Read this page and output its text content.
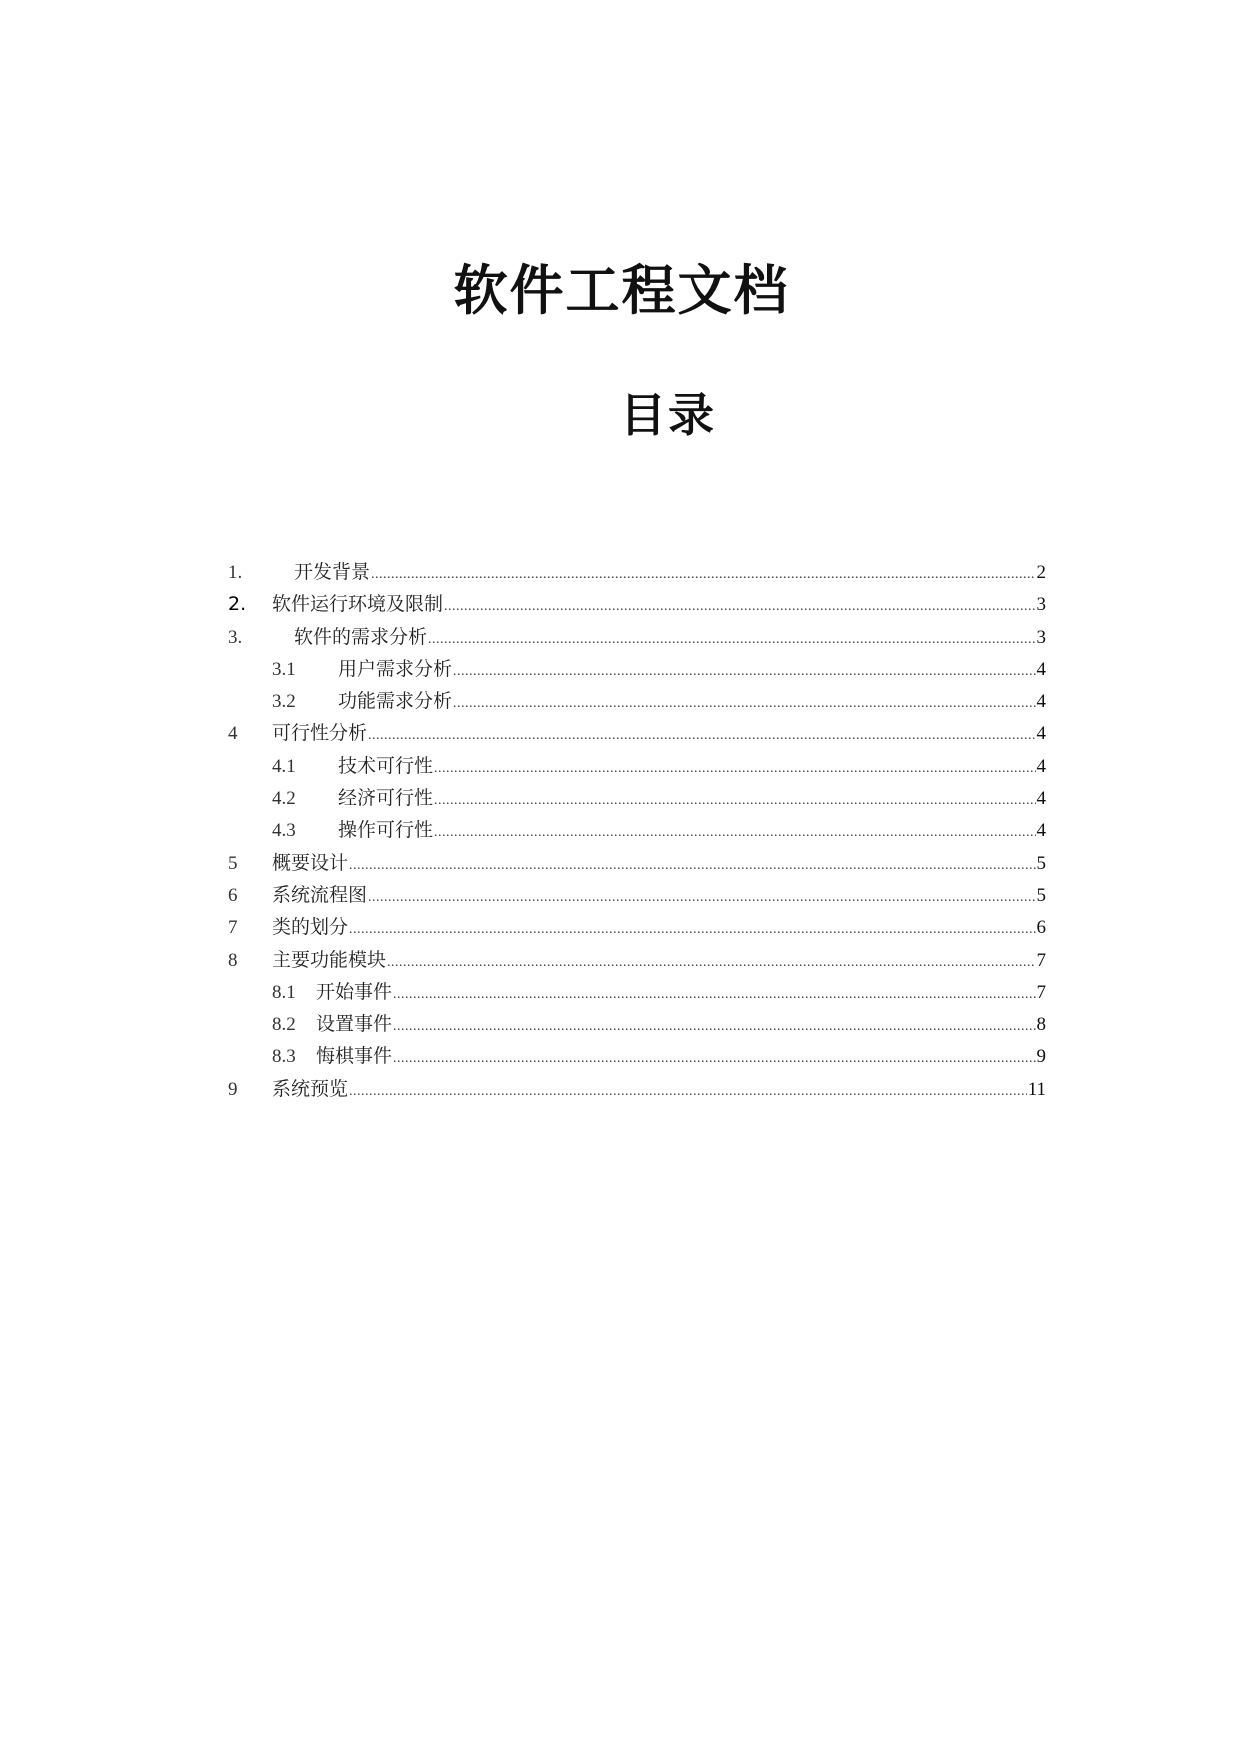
软件工程文档
目录
1.	开发背景 .....	2
2.	软件运行环境及限制 .....	3
3.	软件的需求分析 .....	3
3.1	用户需求分析 .....	4
3.2	功能需求分析 .....	4
4	可行性分析 .....	4
4.1	技术可行性 .....	4
4.2	经济可行性 .....	4
4.3	操作可行性 .....	4
5	概要设计 .....	5
6	系统流程图 .....	5
7	类的划分 .....	6
8	主要功能模块 .....	7
8.1	开始事件 .....	7
8.2	设置事件 .....	8
8.3	悔棋事件 .....	9
9	系统预览 .....	11
